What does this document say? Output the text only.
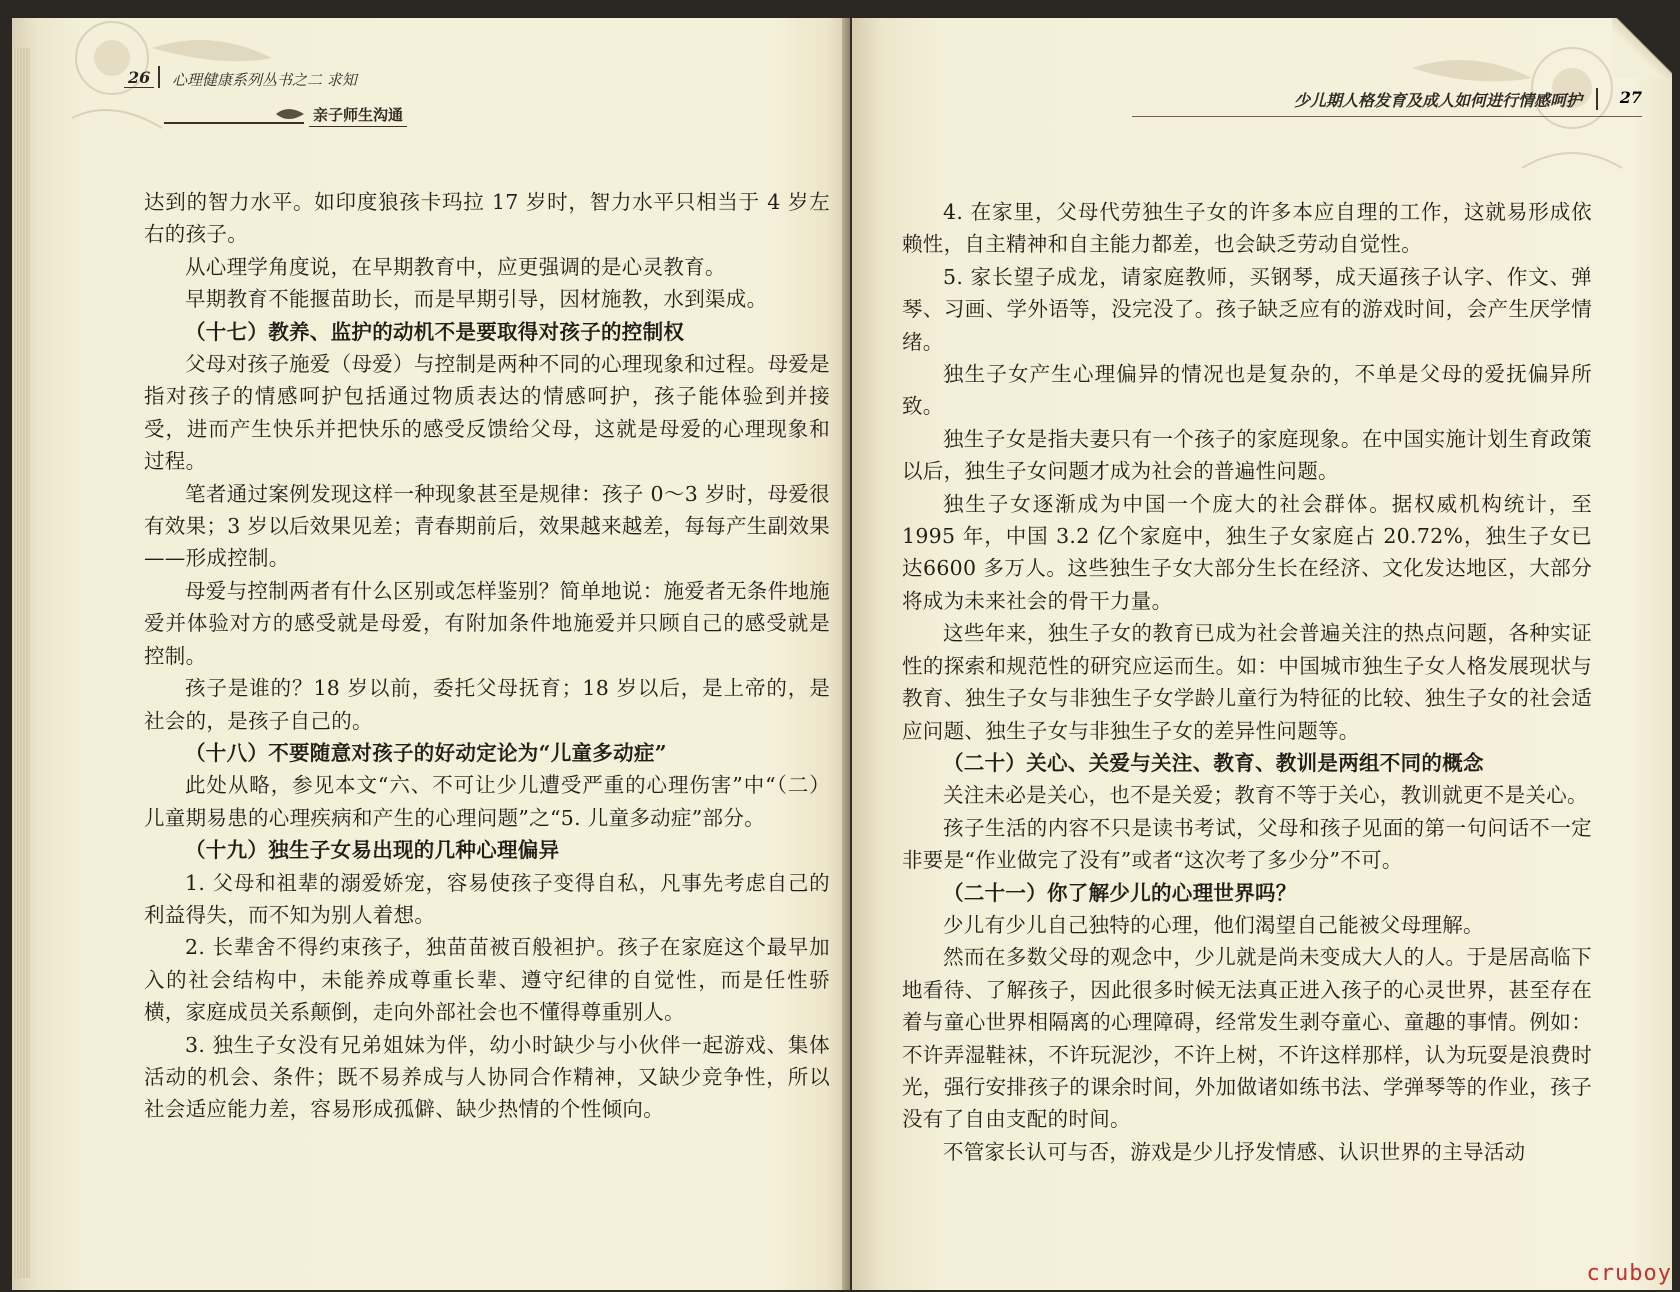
26 心理健康系列丛书之二 求知
亲子师生沟通

达到的智力水平。如印度狼孩卡玛拉 17 岁时，智力水平只相当于 4 岁左右的孩子。

从心理学角度说，在早期教育中，应更强调的是心灵教育。

早期教育不能揠苗助长，而是早期引导，因材施教，水到渠成。

（十七）教养、监护的动机不是要取得对孩子的控制权

父母对孩子施爱（母爱）与控制是两种不同的心理现象和过程。母爱是指对孩子的情感呵护包括通过物质表达的情感呵护，孩子能体验到并接受，进而产生快乐并把快乐的感受反馈给父母，这就是母爱的心理现象和过程。

笔者通过案例发现这样一种现象甚至是规律：孩子 0～3 岁时，母爱很有效果；3 岁以后效果见差；青春期前后，效果越来越差，每每产生副效果——形成控制。

母爱与控制两者有什么区别或怎样鉴别？简单地说：施爱者无条件地施爱并体验对方的感受就是母爱，有附加条件地施爱并只顾自己的感受就是控制。

孩子是谁的？18 岁以前，委托父母抚育；18 岁以后，是上帝的，是社会的，是孩子自己的。

（十八）不要随意对孩子的好动定论为“儿童多动症”

此处从略，参见本文“六、不可让少儿遭受严重的心理伤害”中“（二）儿童期易患的心理疾病和产生的心理问题”之“5. 儿童多动症”部分。

（十九）独生子女易出现的几种心理偏异

1. 父母和祖辈的溺爱娇宠，容易使孩子变得自私，凡事先考虑自己的利益得失，而不知为别人着想。

2. 长辈舍不得约束孩子，独苗苗被百般袒护。孩子在家庭这个最早加入的社会结构中，未能养成尊重长辈、遵守纪律的自觉性，而是任性骄横，家庭成员关系颠倒，走向外部社会也不懂得尊重别人。

3. 独生子女没有兄弟姐妹为伴，幼小时缺少与小伙伴一起游戏、集体活动的机会、条件；既不易养成与人协同合作精神，又缺少竞争性，所以社会适应能力差，容易形成孤僻、缺少热情的个性倾向。

少儿期人格发育及成人如何进行情感呵护 27

4. 在家里，父母代劳独生子女的许多本应自理的工作，这就易形成依赖性，自主精神和自主能力都差，也会缺乏劳动自觉性。

5. 家长望子成龙，请家庭教师，买钢琴，成天逼孩子认字、作文、弹琴、习画、学外语等，没完没了。孩子缺乏应有的游戏时间，会产生厌学情绪。

独生子女产生心理偏异的情况也是复杂的，不单是父母的爱抚偏异所致。

独生子女是指夫妻只有一个孩子的家庭现象。在中国实施计划生育政策以后，独生子女问题才成为社会的普遍性问题。

独生子女逐渐成为中国一个庞大的社会群体。据权威机构统计，至1995 年，中国 3.2 亿个家庭中，独生子女家庭占 20.72%，独生子女已达6600 多万人。这些独生子女大部分生长在经济、文化发达地区，大部分将成为未来社会的骨干力量。

这些年来，独生子女的教育已成为社会普遍关注的热点问题，各种实证性的探索和规范性的研究应运而生。如：中国城市独生子女人格发展现状与教育、独生子女与非独生子女学龄儿童行为特征的比较、独生子女的社会适应问题、独生子女与非独生子女的差异性问题等。

（二十）关心、关爱与关注、教育、教训是两组不同的概念

关注未必是关心，也不是关爱；教育不等于关心，教训就更不是关心。

孩子生活的内容不只是读书考试，父母和孩子见面的第一句问话不一定非要是“作业做完了没有”或者“这次考了多少分”不可。

（二十一）你了解少儿的心理世界吗？

少儿有少儿自己独特的心理，他们渴望自己能被父母理解。

然而在多数父母的观念中，少儿就是尚未变成大人的人。于是居高临下地看待、了解孩子，因此很多时候无法真正进入孩子的心灵世界，甚至存在着与童心世界相隔离的心理障碍，经常发生剥夺童心、童趣的事情。例如：不许弄湿鞋袜，不许玩泥沙，不许上树，不许这样那样，认为玩耍是浪费时光，强行安排孩子的课余时间，外加做诸如练书法、学弹琴等的作业，孩子没有了自由支配的时间。

不管家长认可与否，游戏是少儿抒发情感、认识世界的主导活动

cruboy
